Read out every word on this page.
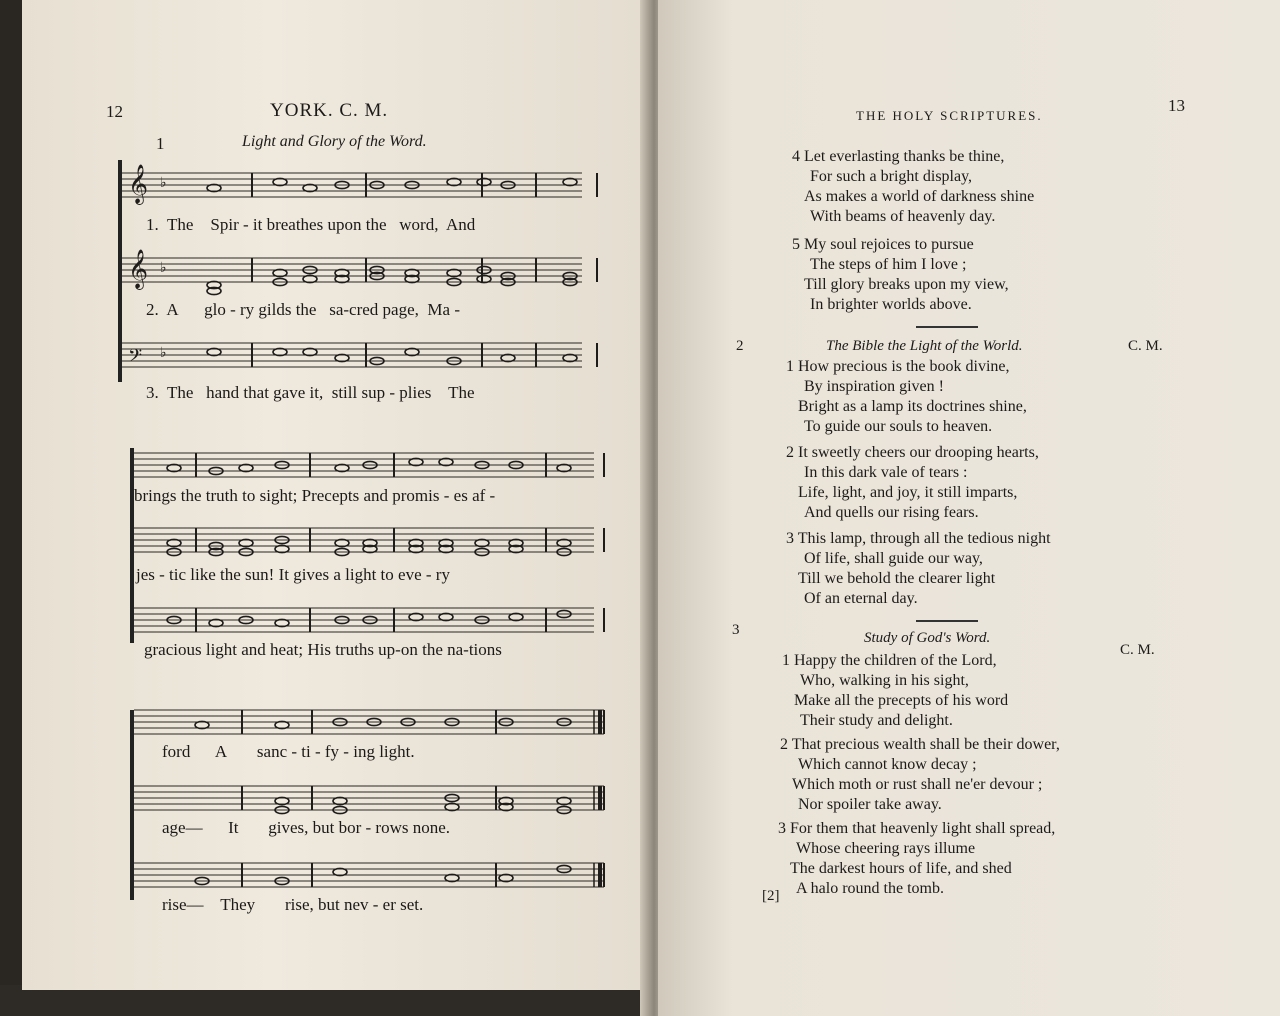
12	YORK. C. M.
1	Light and Glory of the Word.
𝄞 ♭
1. The Spir - it breathes upon the word, And
𝄞 ♭
2. A glo - ry gilds the sa-cred page, Ma -
𝄢 ♭
3. The hand that gave it, still sup - plies The
brings the truth to sight; Precepts and promis - es af -
jes - tic like the sun! It gives a light to eve - ry
gracious light and heat; His truths up-on the na-tions
ford A sanc - ti - fy - ing light.
age— It gives, but bor - rows none.
rise— They rise, but nev - er set.
THE HOLY SCRIPTURES.
13
4 Let everlasting thanks be thine,
For such a bright display,
As makes a world of darkness shine
With beams of heavenly day.
5 My soul rejoices to pursue
The steps of him I love ;
Till glory breaks upon my view,
In brighter worlds above.
2	The Bible the Light of the World.	C. M.
1 How precious is the book divine,
By inspiration given !
Bright as a lamp its doctrines shine,
To guide our souls to heaven.
2 It sweetly cheers our drooping hearts,
In this dark vale of tears :
Life, light, and joy, it still imparts,
And quells our rising fears.
3 This lamp, through all the tedious night
Of life, shall guide our way,
Till we behold the clearer light
Of an eternal day.
3	Study of God's Word.
C. M.
1 Happy the children of the Lord,
Who, walking in his sight,
Make all the precepts of his word
Their study and delight.
2 That precious wealth shall be their dower,
Which cannot know decay ;
Which moth or rust shall ne'er devour ;
Nor spoiler take away.
3 For them that heavenly light shall spread,
Whose cheering rays illume
The darkest hours of life, and shed
A halo round the tomb.
[2]
